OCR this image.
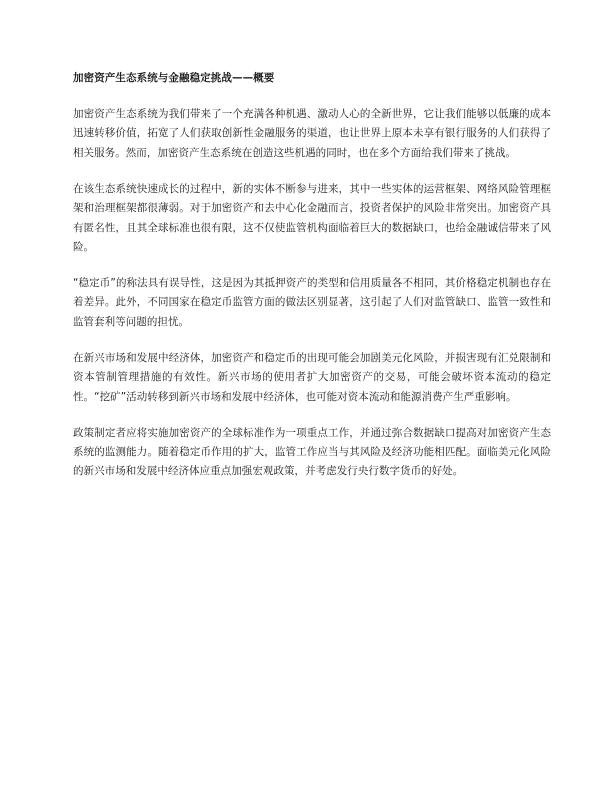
加密资产生态系统与金融稳定挑战——概要

加密资产生态系统为我们带来了一个充满各种机遇、激动人心的全新世界，它让我们能够以低廉的成本迅速转移价值，拓宽了人们获取创新性金融服务的渠道，也让世界上原本未享有银行服务的人们获得了相关服务。然而，加密资产生态系统在创造这些机遇的同时，也在多个方面给我们带来了挑战。

在该生态系统快速成长的过程中，新的实体不断参与进来，其中一些实体的运营框架、网络风险管理框架和治理框架都很薄弱。对于加密资产和去中心化金融而言，投资者保护的风险非常突出。加密资产具有匿名性，且其全球标准也很有限，这不仅使监管机构面临着巨大的数据缺口，也给金融诚信带来了风险。

“稳定币”的称法具有误导性，这是因为其抵押资产的类型和信用质量各不相同，其价格稳定机制也存在着差异。此外，不同国家在稳定币监管方面的做法区别显著，这引起了人们对监管缺口、监管一致性和监管套利等问题的担忧。

在新兴市场和发展中经济体，加密资产和稳定币的出现可能会加剧美元化风险，并损害现有汇兑限制和资本管制管理措施的有效性。新兴市场的使用者扩大加密资产的交易，可能会破坏资本流动的稳定性。“挖矿”活动转移到新兴市场和发展中经济体，也可能对资本流动和能源消费产生严重影响。

政策制定者应将实施加密资产的全球标准作为一项重点工作，并通过弥合数据缺口提高对加密资产生态系统的监测能力。随着稳定币作用的扩大，监管工作应当与其风险及经济功能相匹配。面临美元化风险的新兴市场和发展中经济体应重点加强宏观政策，并考虑发行央行数字货币的好处。
